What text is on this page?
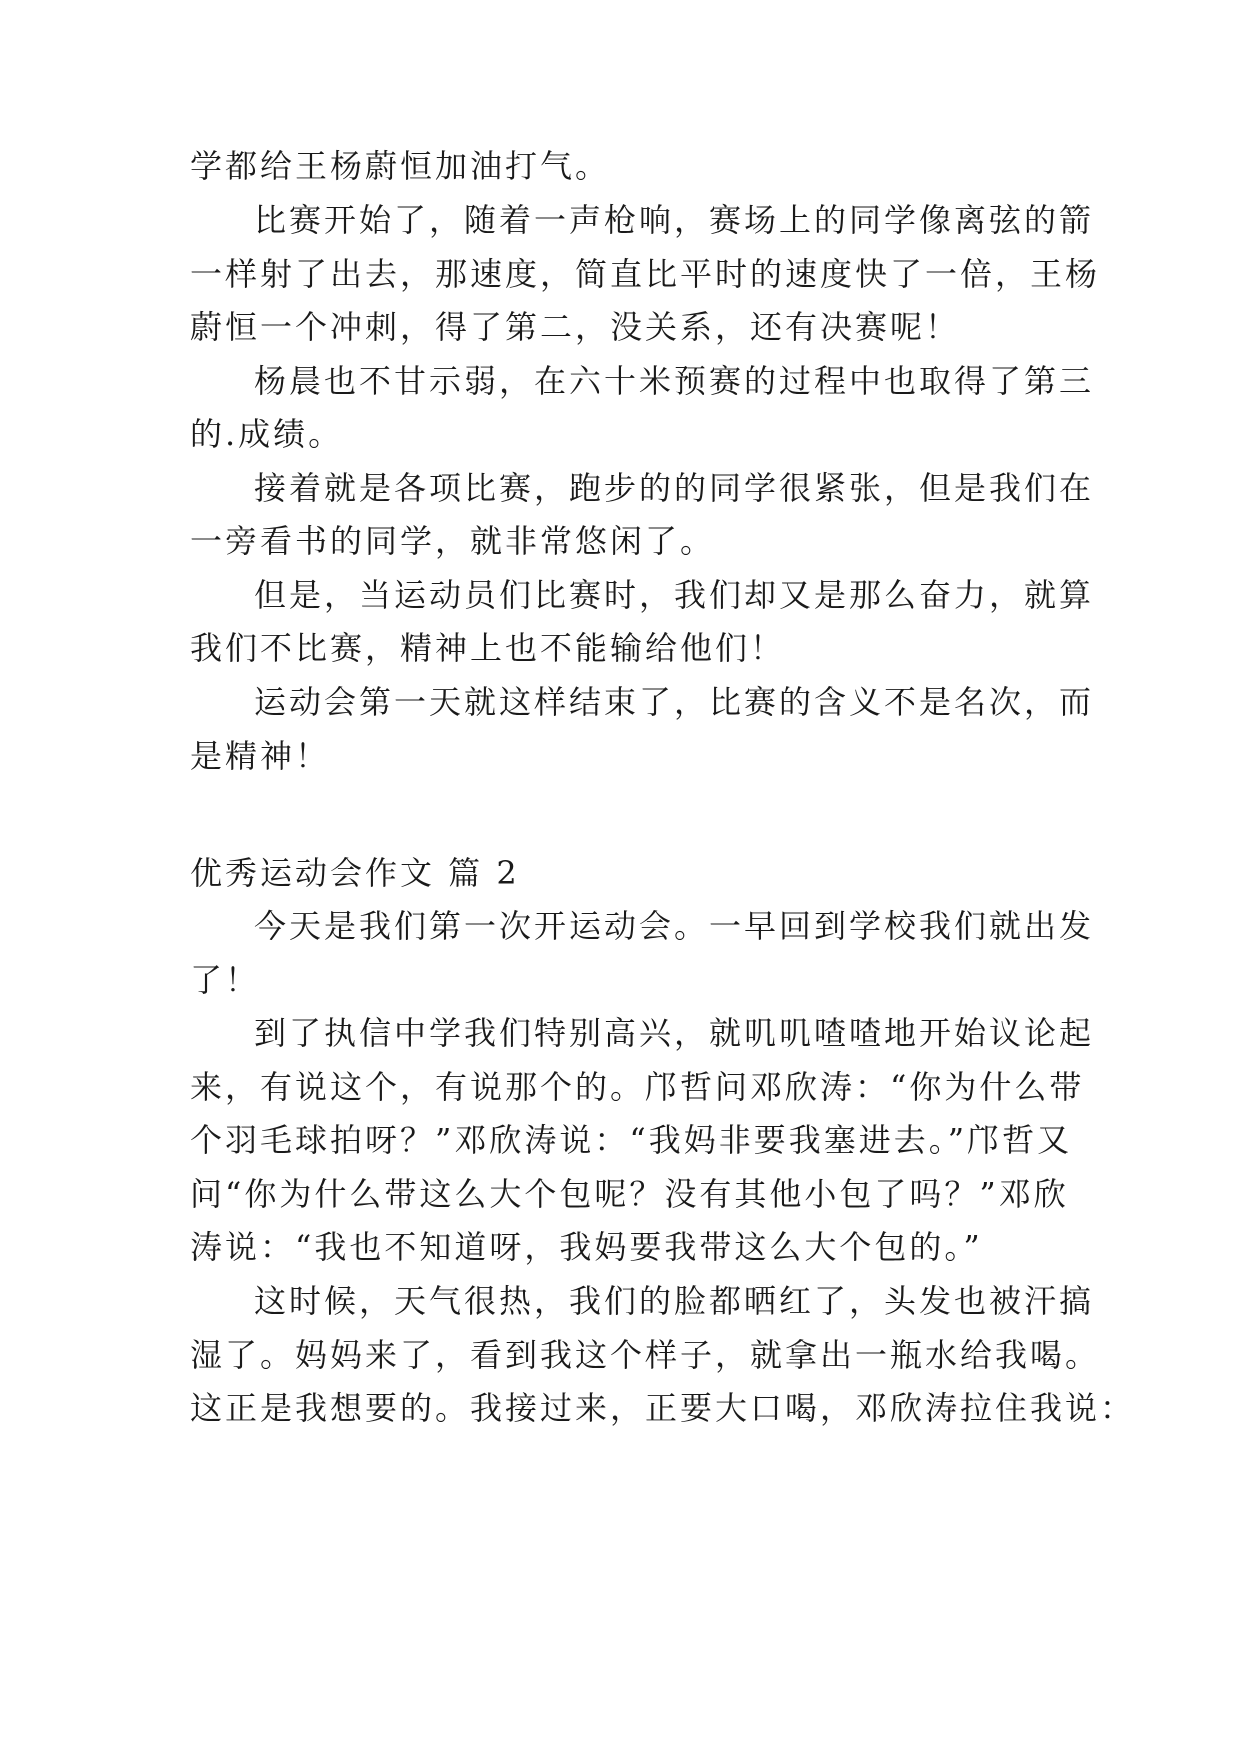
学都给王杨蔚恒加油打气。
比赛开始了，随着一声枪响，赛场上的同学像离弦的箭
一样射了出去，那速度，简直比平时的速度快了一倍，王杨
蔚恒一个冲刺，得了第二，没关系，还有决赛呢！
杨晨也不甘示弱，在六十米预赛的过程中也取得了第三
的.成绩。
接着就是各项比赛，跑步的的同学很紧张，但是我们在
一旁看书的同学，就非常悠闲了。
但是，当运动员们比赛时，我们却又是那么奋力，就算
我们不比赛，精神上也不能输给他们！
运动会第一天就这样结束了，比赛的含义不是名次，而
是精神！
优秀运动会作文 篇 2
今天是我们第一次开运动会。一早回到学校我们就出发
了！
到了执信中学我们特别高兴，就叽叽喳喳地开始议论起
来，有说这个，有说那个的。邝哲问邓欣涛：“你为什么带
个羽毛球拍呀？”邓欣涛说：“我妈非要我塞进去。”邝哲又
问“你为什么带这么大个包呢？没有其他小包了吗？”邓欣
涛说：“我也不知道呀，我妈要我带这么大个包的。”
这时候，天气很热，我们的脸都晒红了，头发也被汗搞
湿了。妈妈来了，看到我这个样子，就拿出一瓶水给我喝。
这正是我想要的。我接过来，正要大口喝，邓欣涛拉住我说：
